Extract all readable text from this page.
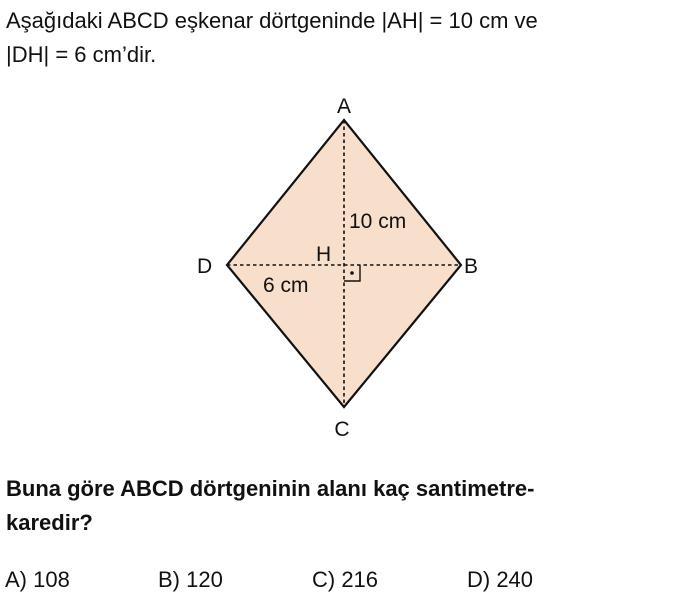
Aşağıdaki ABCD eşkenar dörtgeninde |AH| = 10 cm ve
|DH| = 6 cm’dir.
A
B
C
D
H
10 cm
6 cm
Buna göre ABCD dörtgeninin alanı kaç santimetre-
karedir?
A) 108	B) 120	C) 216	D) 240
